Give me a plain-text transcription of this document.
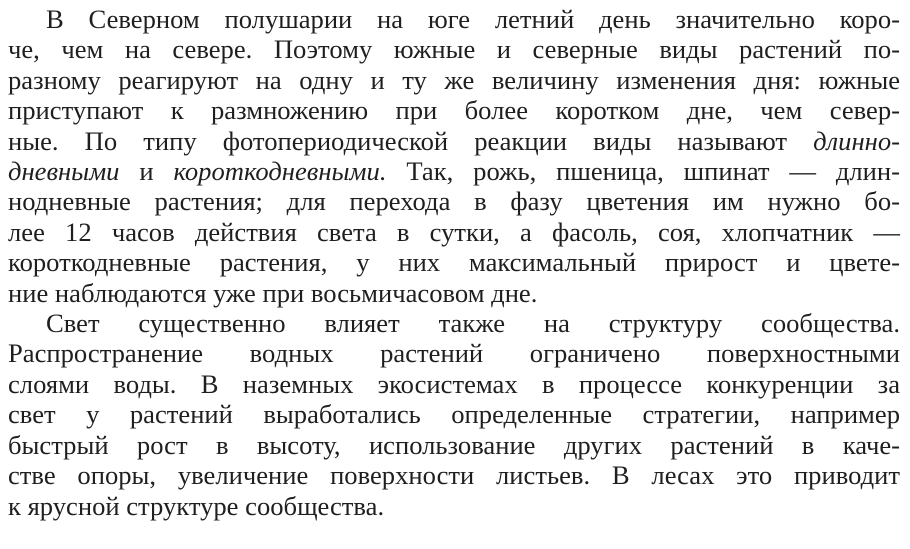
В Северном полушарии на юге летний день значительно коро-
че, чем на севере. Поэтому южные и северные виды растений по-
разному реагируют на одну и ту же величину изменения дня: южные
приступают к размножению при более коротком дне, чем север-
ные. По типу фотопериодической реакции виды называют длинно-
дневными и короткодневными. Так, рожь, пшеница, шпинат — длин-
нодневные растения; для перехода в фазу цветения им нужно бо-
лее 12 часов действия света в сутки, а фасоль, соя, хлопчатник —
короткодневные растения, у них максимальный прирост и цвете-
ние наблюдаются уже при восьмичасовом дне.
Свет существенно влияет также на структуру сообщества.
Распространение водных растений ограничено поверхностными
слоями воды. В наземных экосистемах в процессе конкуренции за
свет у растений выработались определенные стратегии, например
быстрый рост в высоту, использование других растений в каче-
стве опоры, увеличение поверхности листьев. В лесах это приводит
к ярусной структуре сообщества.
